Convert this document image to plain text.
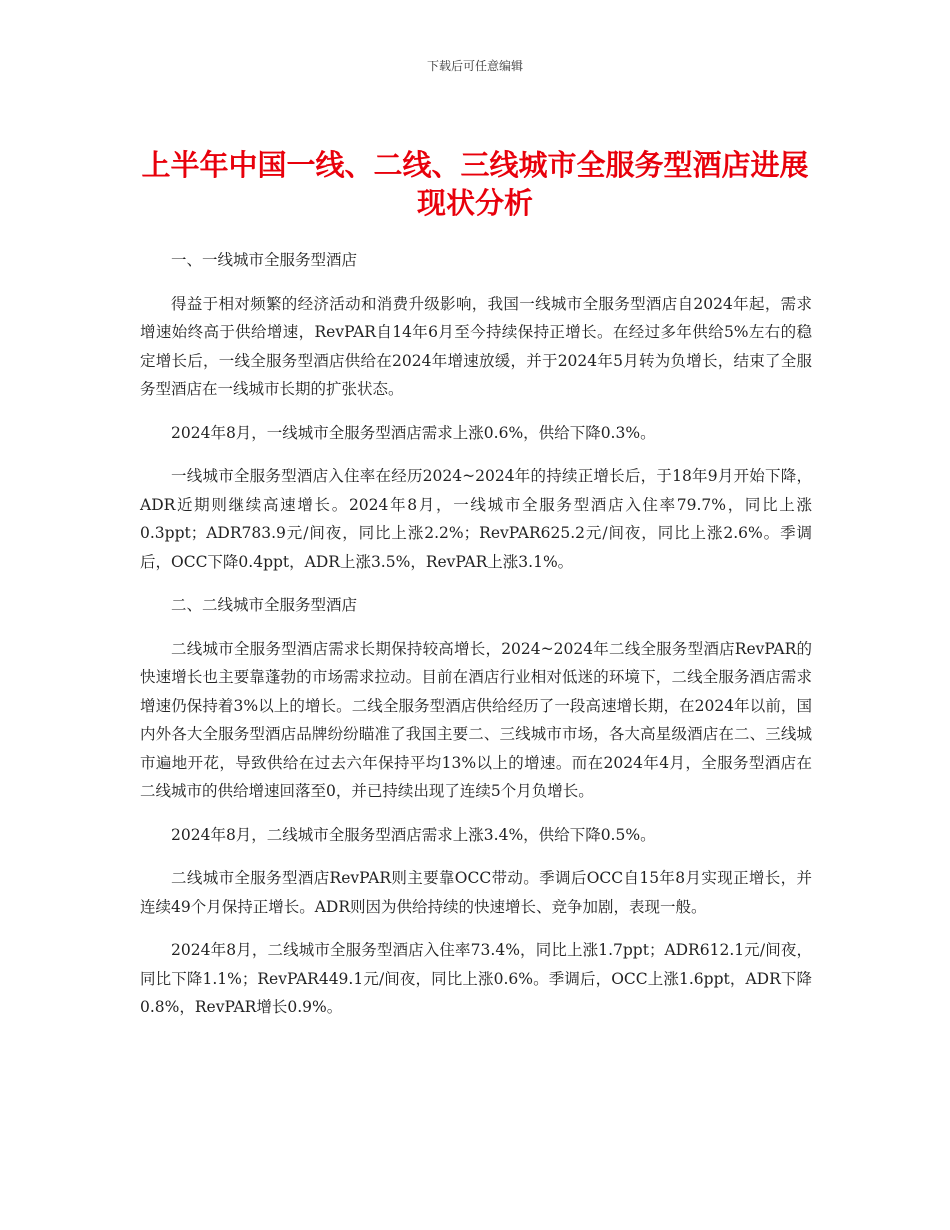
下载后可任意编辑
上半年中国一线、二线、三线城市全服务型酒店进展现状分析

一、一线城市全服务型酒店

得益于相对频繁的经济活动和消费升级影响，我国一线城市全服务型酒店自2024年起，需求增速始终高于供给增速，RevPAR自14年6月至今持续保持正增长。在经过多年供给5%左右的稳定增长后，一线全服务型酒店供给在2024年增速放缓，并于2024年5月转为负增长，结束了全服务型酒店在一线城市长期的扩张状态。

2024年8月，一线城市全服务型酒店需求上涨0.6%，供给下降0.3%。

一线城市全服务型酒店入住率在经历2024~2024年的持续正增长后，于18年9月开始下降，ADR近期则继续高速增长。2024年8月，一线城市全服务型酒店入住率79.7%，同比上涨0.3ppt；ADR783.9元/间夜，同比上涨2.2%；RevPAR625.2元/间夜，同比上涨2.6%。季调后，OCC下降0.4ppt，ADR上涨3.5%，RevPAR上涨3.1%。

二、二线城市全服务型酒店

二线城市全服务型酒店需求长期保持较高增长，2024~2024年二线全服务型酒店RevPAR的快速增长也主要靠蓬勃的市场需求拉动。目前在酒店行业相对低迷的环境下，二线全服务酒店需求增速仍保持着3%以上的增长。二线全服务型酒店供给经历了一段高速增长期，在2024年以前，国内外各大全服务型酒店品牌纷纷瞄准了我国主要二、三线城市市场，各大高星级酒店在二、三线城市遍地开花，导致供给在过去六年保持平均13%以上的增速。而在2024年4月，全服务型酒店在二线城市的供给增速回落至0，并已持续出现了连续5个月负增长。

2024年8月，二线城市全服务型酒店需求上涨3.4%，供给下降0.5%。

二线城市全服务型酒店RevPAR则主要靠OCC带动。季调后OCC自15年8月实现正增长，并连续49个月保持正增长。ADR则因为供给持续的快速增长、竞争加剧，表现一般。

2024年8月，二线城市全服务型酒店入住率73.4%，同比上涨1.7ppt；ADR612.1元/间夜，同比下降1.1%；RevPAR449.1元/间夜，同比上涨0.6%。季调后，OCC上涨1.6ppt，ADR下降0.8%，RevPAR增长0.9%。
